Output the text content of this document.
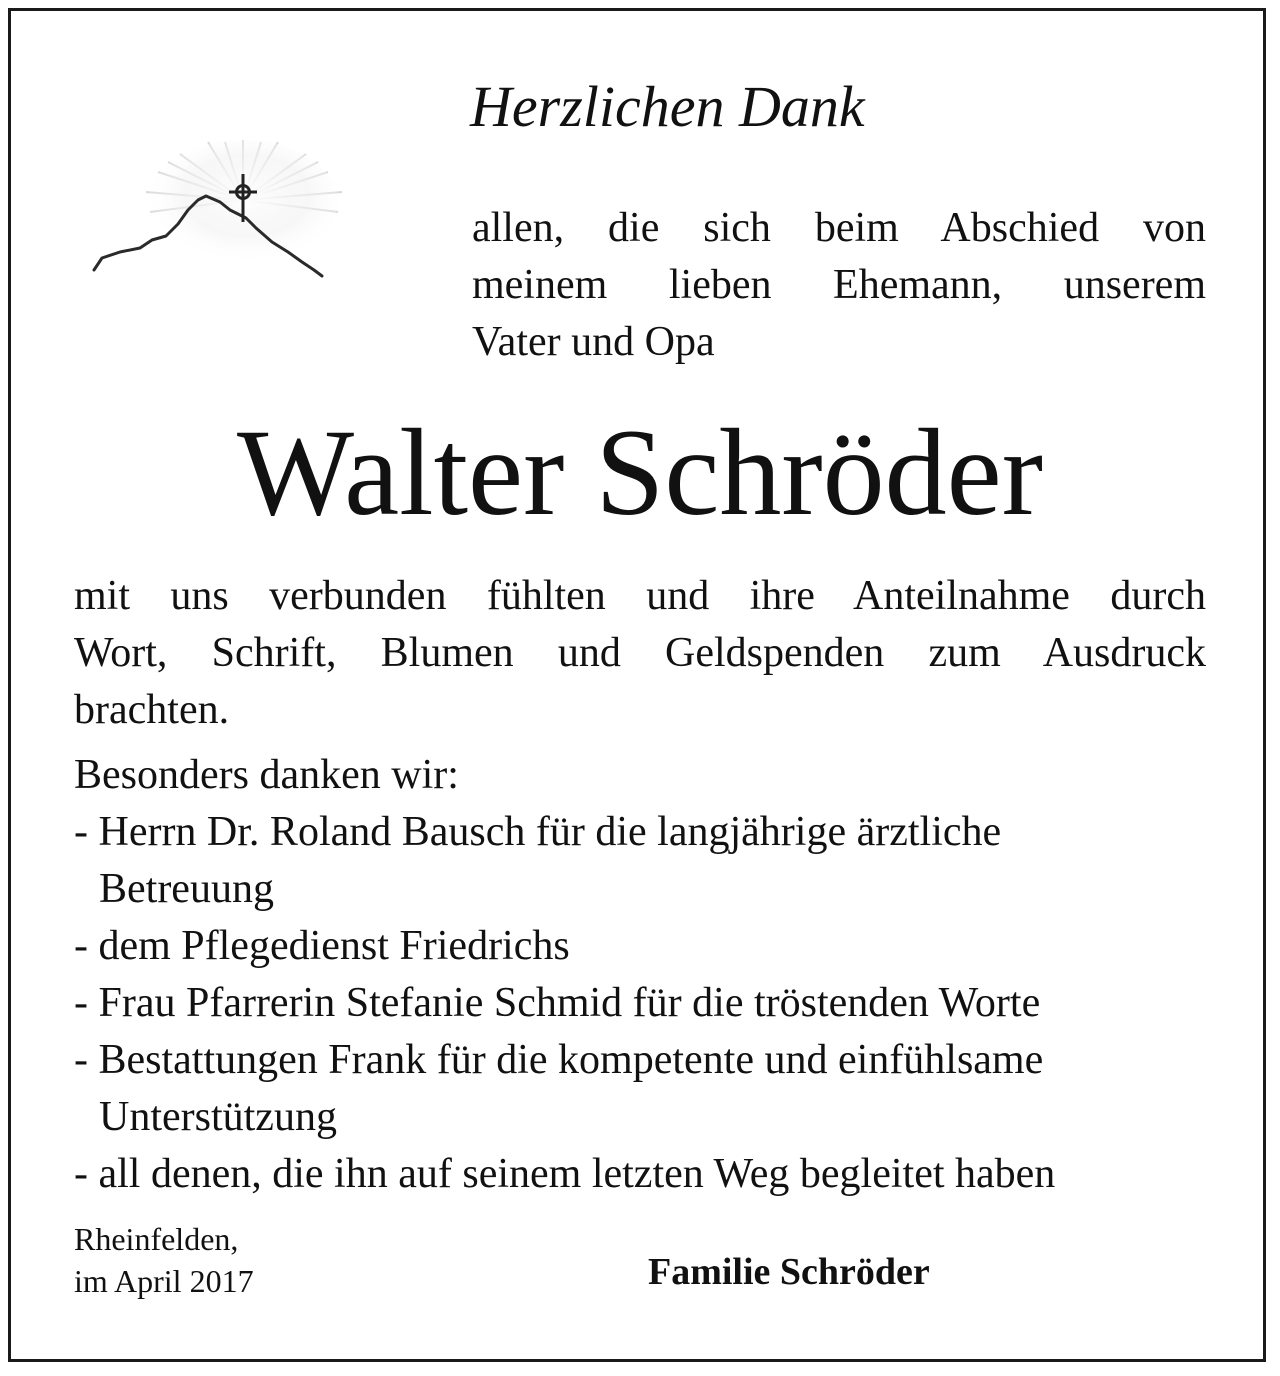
Herzlichen Dank
allen, die sich beim Abschied von
meinem lieben Ehemann, unserem
Vater und Opa
Walter Schröder
mit uns verbunden fühlten und ihre Anteilnahme durch
Wort, Schrift, Blumen und Geldspenden zum Ausdruck
brachten.
Besonders danken wir:
- Herrn Dr. Roland Bausch für die langjährige ärztliche
Betreuung
- dem Pflegedienst Friedrichs
- Frau Pfarrerin Stefanie Schmid für die tröstenden Worte
- Bestattungen Frank für die kompetente und einfühlsame
Unterstützung
- all denen, die ihn auf seinem letzten Weg begleitet haben
Rheinfelden,
im April 2017	Familie Schröder
